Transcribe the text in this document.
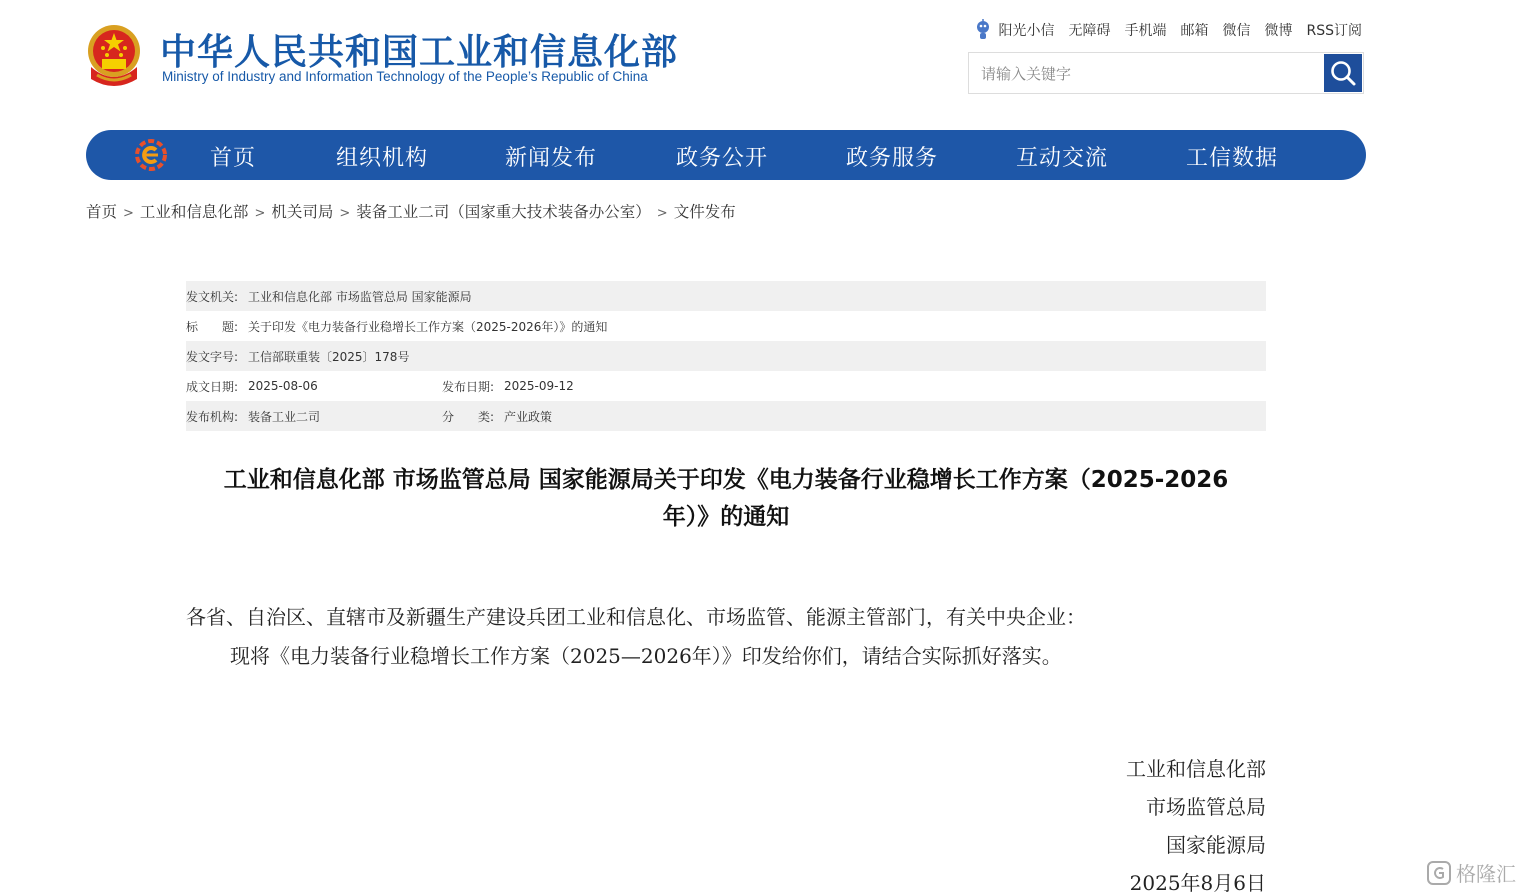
中华人民共和国工业和信息化部
Ministry of Industry and Information Technology of the People’s Republic of China
阳光小信 无障碍 手机端 邮箱 微信 微博 RSS订阅
请输入关键字
首页	组织机构	新闻发布	政务公开	政务服务	互动交流	工信数据
首页 > 工业和信息化部 > 机关司局 > 装备工业二司（国家重大技术装备办公室） > 文件发布
发文机关: 工业和信息化部 市场监管总局 国家能源局
标　　题: 关于印发《电力装备行业稳增长工作方案（2025-2026年）》的通知
发文字号: 工信部联重装〔2025〕178号
成文日期: 2025-08-06	发布日期: 2025-09-12
发布机构: 装备工业二司	分　　类: 产业政策
工业和信息化部 市场监管总局 国家能源局关于印发《电力装备行业稳增长工作方案（2025-2026
年）》的通知
各省、自治区、直辖市及新疆生产建设兵团工业和信息化、市场监管、能源主管部门，有关中央企业：
现将《电力装备行业稳增长工作方案（2025—2026年）》印发给你们，请结合实际抓好落实。
工业和信息化部
市场监管总局
国家能源局
2025年8月6日	格隆汇
